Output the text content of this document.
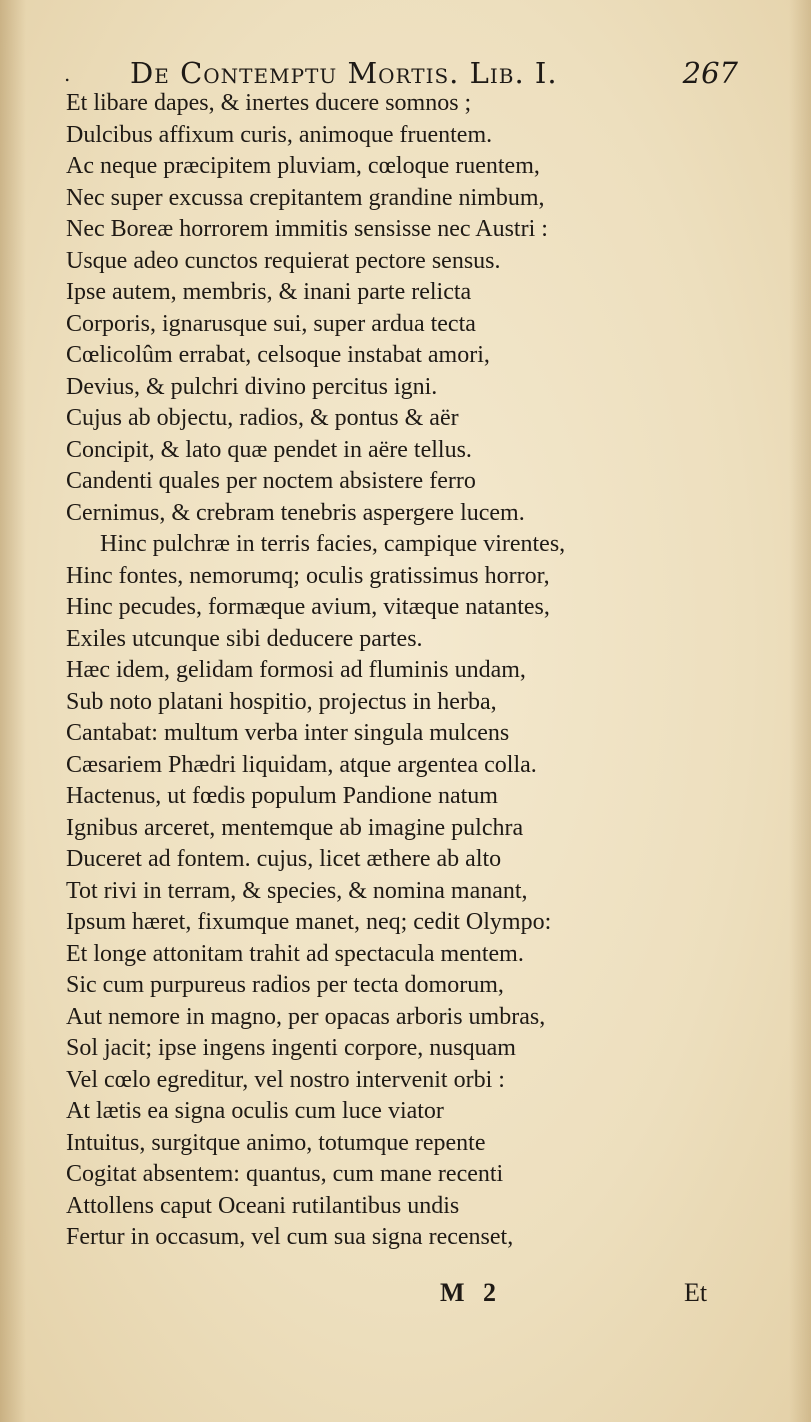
. De Contemptu Mortis. Lib. I.	267
Et libare dapes, & inertes ducere somnos ;
Dulcibus affixum curis, animoque fruentem.
Ac neque præcipitem pluviam, cœloque ruentem,
Nec super excussa crepitantem grandine nimbum,
Nec Boreæ horrorem immitis sensisse nec Austri :
Usque adeo cunctos requierat pectore sensus.
Ipse autem, membris, & inani parte relicta
Corporis, ignarusque sui, super ardua tecta
Cœlicolûm errabat, celsoque instabat amori,
Devius, & pulchri divino percitus igni.
Cujus ab objectu, radios, & pontus & aër
Concipit, & lato quæ pendet in aëre tellus.
Candenti quales per noctem absistere ferro
Cernimus, & crebram tenebris aspergere lucem.
Hinc pulchræ in terris facies, campique virentes,
Hinc fontes, nemorumq; oculis gratissimus horror,
Hinc pecudes, formæque avium, vitæque natantes,
Exiles utcunque sibi deducere partes.
Hæc idem, gelidam formosi ad fluminis undam,
Sub noto platani hospitio, projectus in herba,
Cantabat: multum verba inter singula mulcens
Cæsariem Phædri liquidam, atque argentea colla.
Hactenus, ut fœdis populum Pandione natum
Ignibus arceret, mentemque ab imagine pulchra
Duceret ad fontem. cujus, licet æthere ab alto
Tot rivi in terram, & species, & nomina manant,
Ipsum hæret, fixumque manet, neq; cedit Olympo:
Et longe attonitam trahit ad spectacula mentem.
Sic cum purpureus radios per tecta domorum,
Aut nemore in magno, per opacas arboris umbras,
Sol jacit; ipse ingens ingenti corpore, nusquam
Vel cœlo egreditur, vel nostro intervenit orbi :
At lætis ea signa oculis cum luce viator
Intuitus, surgitque animo, totumque repente
Cogitat absentem: quantus, cum mane recenti
Attollens caput Oceani rutilantibus undis
Fertur in occasum, vel cum sua signa recenset,
M 2	Et
